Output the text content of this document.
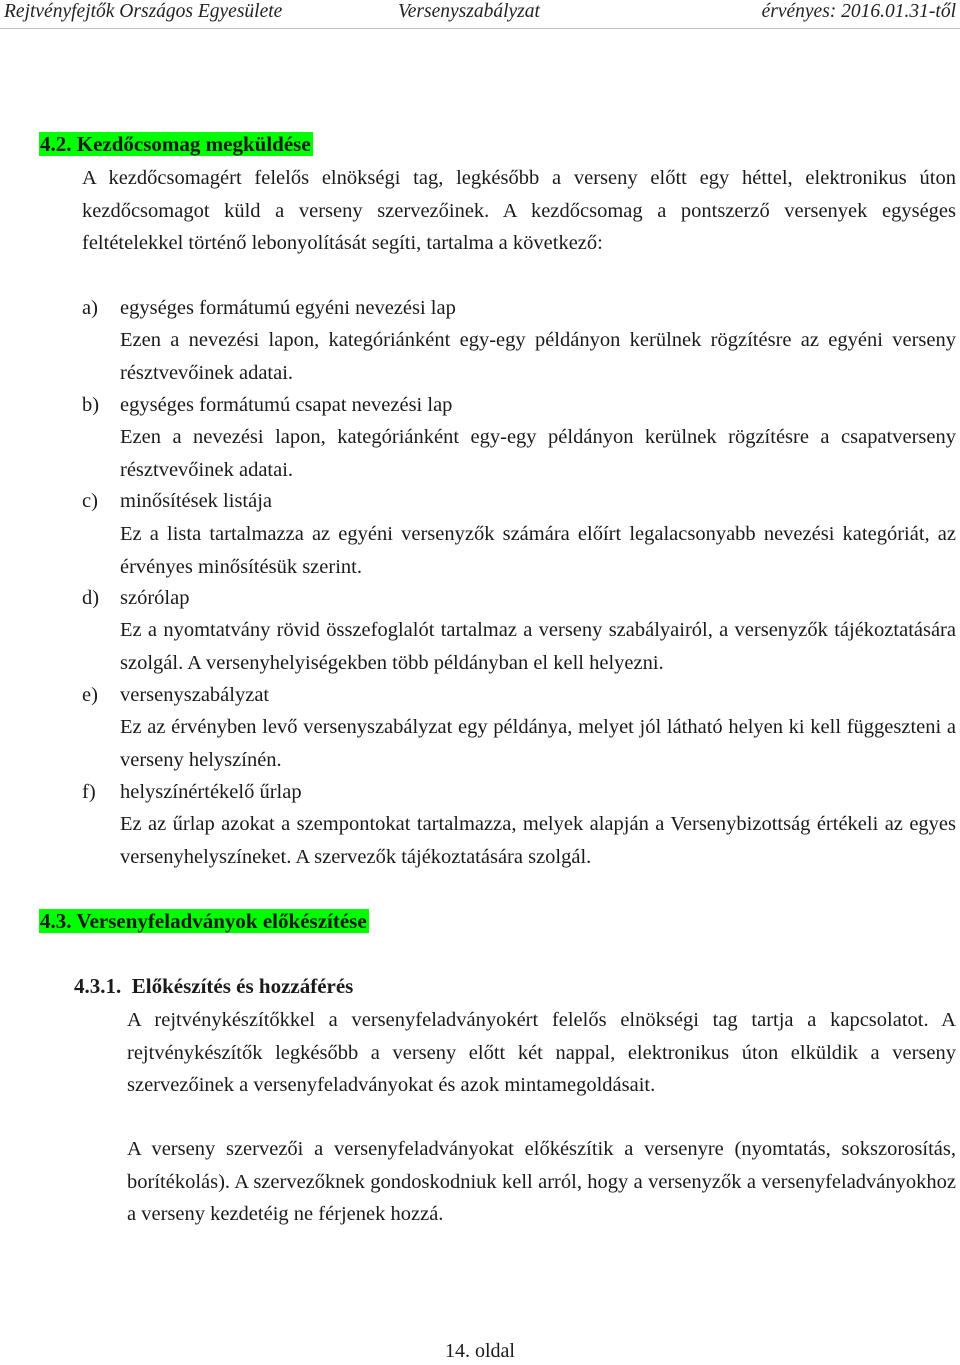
Rejtvényfejtők Országos Egyesülete	Versenyszabályzat	érvényes: 2016.01.31-től
4.2. Kezdőcsomag megküldése
A kezdőcsomagért felelős elnökségi tag, legkésőbb a verseny előtt egy héttel, elektronikus úton kezdőcsomagot küld a verseny szervezőinek. A kezdőcsomag a pontszerző versenyek egységes feltételekkel történő lebonyolítását segíti, tartalma a következő:
a) egységes formátumú egyéni nevezési lap
Ezen a nevezési lapon, kategóriánként egy-egy példányon kerülnek rögzítésre az egyéni verseny résztvevőinek adatai.
b) egységes formátumú csapat nevezési lap
Ezen a nevezési lapon, kategóriánként egy-egy példányon kerülnek rögzítésre a csapatverseny résztvevőinek adatai.
c) minősítések listája
Ez a lista tartalmazza az egyéni versenyzők számára előírt legalacsonyabb nevezési kategóriát, az érvényes minősítésük szerint.
d) szórólap
Ez a nyomtatvány rövid összefoglalót tartalmaz a verseny szabályairól, a versenyzők tájékoztatására szolgál. A versenyhelyiségekben több példányban el kell helyezni.
e) versenyszabályzat
Ez az érvényben levő versenyszabályzat egy példánya, melyet jól látható helyen ki kell függeszteni a verseny helyszínén.
f) helyszínértékelő űrlap
Ez az űrlap azokat a szempontokat tartalmazza, melyek alapján a Versenybizottság értékeli az egyes versenyhelyszíneket. A szervezők tájékoztatására szolgál.
4.3. Versenyfeladványok előkészítése
4.3.1. Előkészítés és hozzáférés
A rejtvénykészítőkkel a versenyfeladványokért felelős elnökségi tag tartja a kapcsolatot. A rejtvénykészítők legkésőbb a verseny előtt két nappal, elektronikus úton elküldik a verseny szervezőinek a versenyfeladványokat és azok mintamegoldásait.
A verseny szervezői a versenyfeladványokat előkészítik a versenyre (nyomtatás, sokszorosítás, borítékolás). A szervezőknek gondoskodniuk kell arról, hogy a versenyzők a versenyfeladványokhoz a verseny kezdetéig ne férjenek hozzá.
14. oldal
